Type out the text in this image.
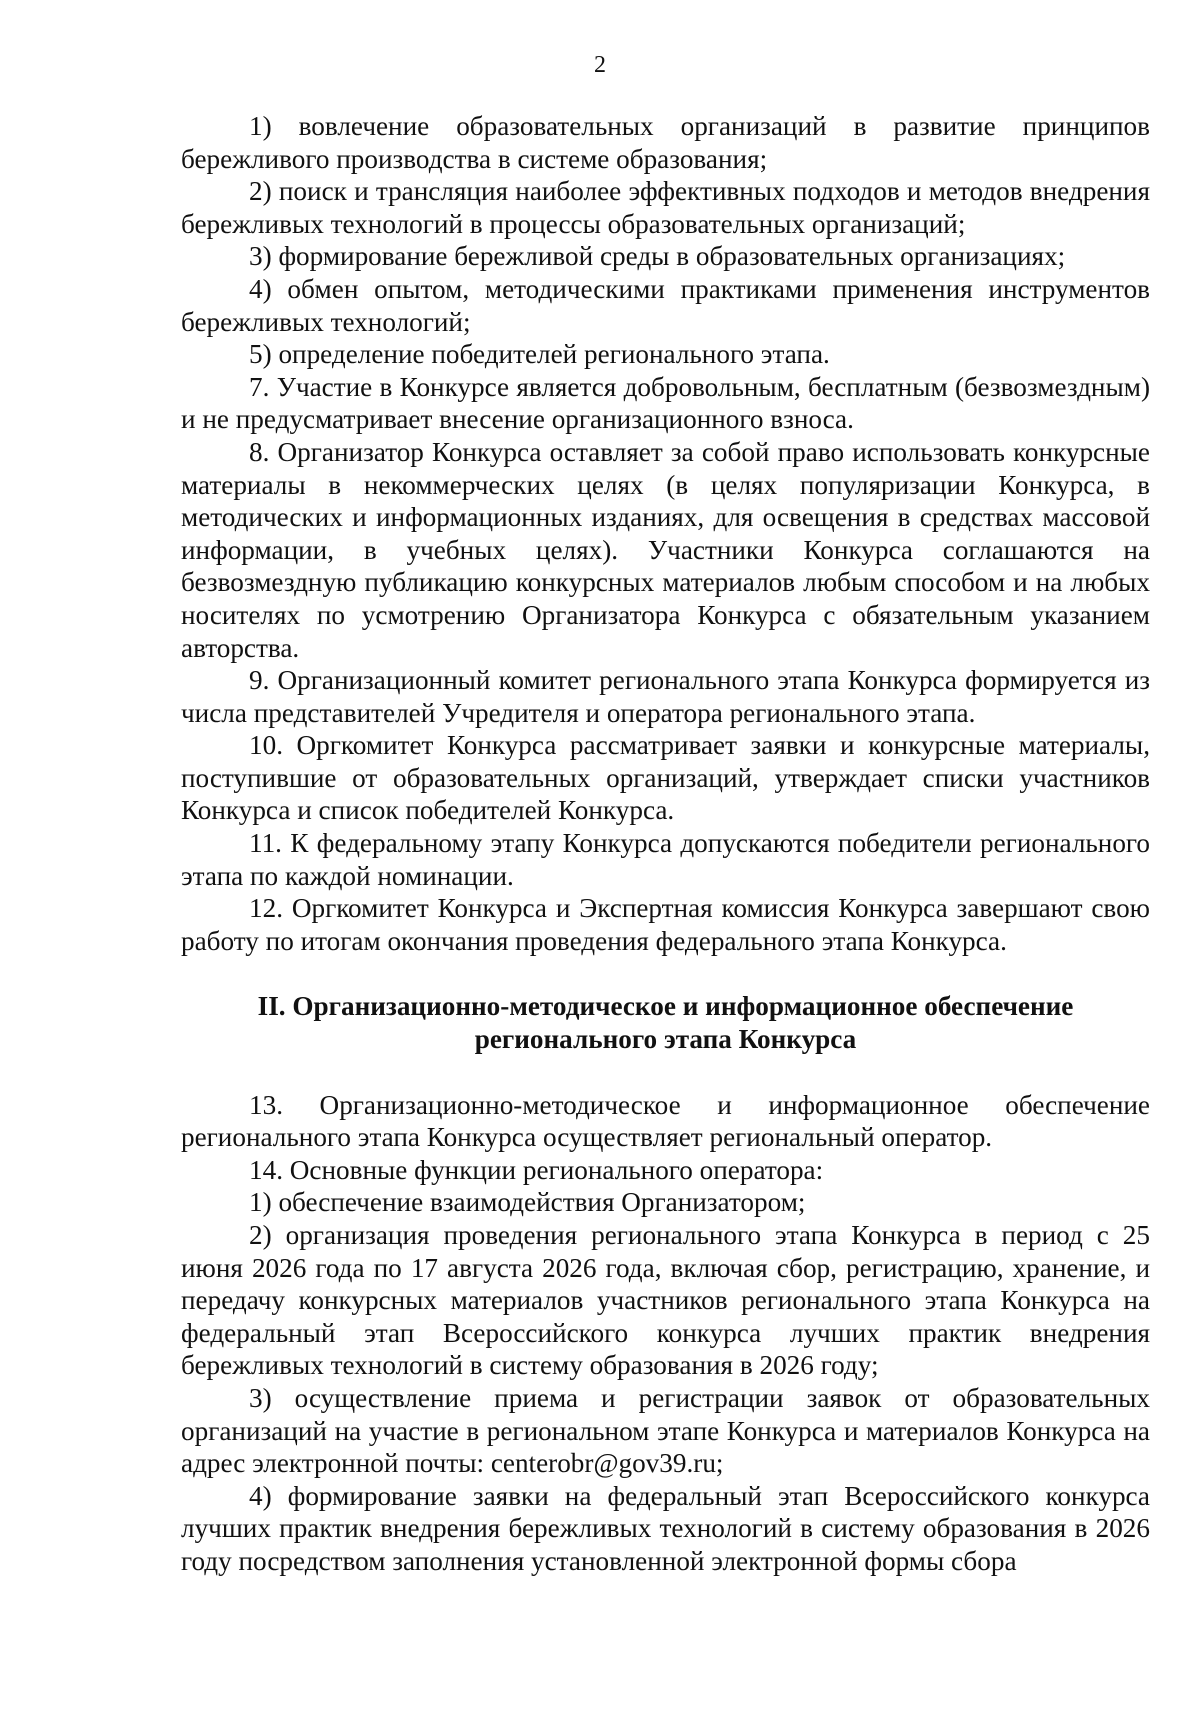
2

1) вовлечение образовательных организаций в развитие принципов бережливого производства в системе образования;

2) поиск и трансляция наиболее эффективных подходов и методов внедрения бережливых технологий в процессы образовательных организаций;

3) формирование бережливой среды в образовательных организациях;

4) обмен опытом, методическими практиками применения инструментов бережливых технологий;

5) определение победителей регионального этапа.

7. Участие в Конкурсе является добровольным, бесплатным (безвозмездным) и не предусматривает внесение организационного взноса.

8. Организатор Конкурса оставляет за собой право использовать конкурсные материалы в некоммерческих целях (в целях популяризации Конкурса, в методических и информационных изданиях, для освещения в средствах массовой информации, в учебных целях). Участники Конкурса соглашаются на безвозмездную публикацию конкурсных материалов любым способом и на любых носителях по усмотрению Организатора Конкурса с обязательным указанием авторства.

9. Организационный комитет регионального этапа Конкурса формируется из числа представителей Учредителя и оператора регионального этапа.

10. Оргкомитет Конкурса рассматривает заявки и конкурсные материалы, поступившие от образовательных организаций, утверждает списки участников Конкурса и список победителей Конкурса.

11. К федеральному этапу Конкурса допускаются победители регионального этапа по каждой номинации.

12. Оргкомитет Конкурса и Экспертная комиссия Конкурса завершают свою работу по итогам окончания проведения федерального этапа Конкурса.

II. Организационно-методическое и информационное обеспечение
регионального этапа Конкурса

13. Организационно-методическое и информационное обеспечение регионального этапа Конкурса осуществляет региональный оператор.

14. Основные функции регионального оператора:

1) обеспечение взаимодействия Организатором;

2) организация проведения регионального этапа Конкурса в период с 25 июня 2026 года по 17 августа 2026 года, включая сбор, регистрацию, хранение, и передачу конкурсных материалов участников регионального этапа Конкурса на федеральный этап Всероссийского конкурса лучших практик внедрения бережливых технологий в систему образования в 2026 году;

3) осуществление приема и регистрации заявок от образовательных организаций на участие в региональном этапе Конкурса и материалов Конкурса на адрес электронной почты: centerobr@gov39.ru;

4) формирование заявки на федеральный этап Всероссийского конкурса лучших практик внедрения бережливых технологий в систему образования в 2026 году посредством заполнения установленной электронной формы сбора
